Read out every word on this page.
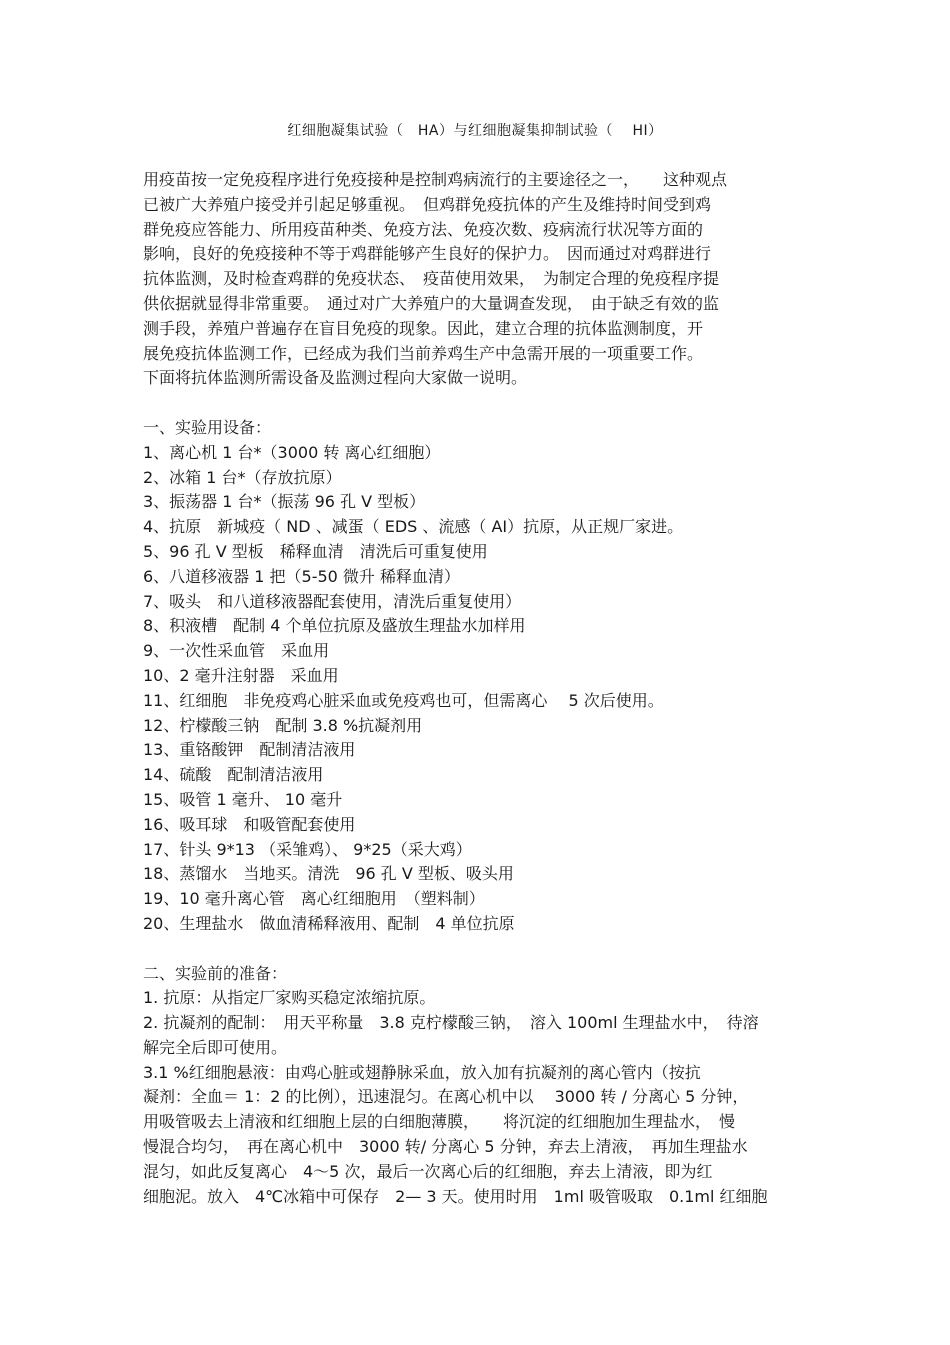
红细胞凝集试验（　HA）与红细胞凝集抑制试验（　 HI）
用疫苗按一定免疫程序进行免疫接种是控制鸡病流行的主要途径之一，　　这种观点
已被广大养殖户接受并引起足够重视。　但鸡群免疫抗体的产生及维持时间受到鸡
群免疫应答能力、所用疫苗种类、免疫方法、免疫次数、疫病流行状况等方面的
影响，良好的免疫接种不等于鸡群能够产生良好的保护力。　因而通过对鸡群进行
抗体监测，及时检查鸡群的免疫状态、　疫苗使用效果，　为制定合理的免疫程序提
供依据就显得非常重要。　通过对广大养殖户的大量调查发现，　由于缺乏有效的监
测手段，养殖户普遍存在盲目免疫的现象。因此，建立合理的抗体监测制度，开
展免疫抗体监测工作，已经成为我们当前养鸡生产中急需开展的一项重要工作。
下面将抗体监测所需设备及监测过程向大家做一说明。
一、实验用设备：
1、离心机 1 台*（3000 转 离心红细胞）
2、冰箱 1 台*（存放抗原）
3、振荡器 1 台*（振荡 96 孔 V 型板）
4、抗原　新城疫（ ND 、减蛋（ EDS 、流感（ AI）抗原，从正规厂家进。
5、96 孔 V 型板　稀释血清　清洗后可重复使用
6、八道移液器 1 把（5-50 微升 稀释血清）
7、吸头　和八道移液器配套使用，清洗后重复使用）
8、积液槽　配制 4 个单位抗原及盛放生理盐水加样用
9、一次性采血管　采血用
10、2 毫升注射器　采血用
11、红细胞　非免疫鸡心脏采血或免疫鸡也可，但需离心　 5 次后使用。
12、柠檬酸三钠　配制 3.8 %抗凝剂用
13、重铬酸钾　配制清洁液用
14、硫酸　配制清洁液用
15、吸管 1 毫升、 10 毫升
16、吸耳球　和吸管配套使用
17、针头 9*13 （采雏鸡）、 9*25（采大鸡）
18、蒸馏水　当地买。清洗　96 孔 V 型板、吸头用
19、10 毫升离心管　离心红细胞用　（塑料制）
20、生理盐水　做血清稀释液用、配制　4 单位抗原
二、实验前的准备：
1. 抗原：从指定厂家购买稳定浓缩抗原。
2. 抗凝剂的配制：　用天平称量　3.8 克柠檬酸三钠，　溶入 100ml 生理盐水中，　待溶
解完全后即可使用。
3.1 %红细胞悬液：由鸡心脏或翅静脉采血，放入加有抗凝剂的离心管内（按抗
凝剂：全血＝ 1：2 的比例），迅速混匀。在离心机中以　 3000 转 / 分离心 5 分钟，
用吸管吸去上清液和红细胞上层的白细胞薄膜，　　将沉淀的红细胞加生理盐水，　慢
慢混合均匀，　再在离心机中　3000 转/ 分离心 5 分钟，弃去上清液，　再加生理盐水
混匀，如此反复离心　4～5 次，最后一次离心后的红细胞，弃去上清液，即为红
细胞泥。放入　4℃冰箱中可保存　2— 3 天。使用时用　1ml 吸管吸取　0.1ml 红细胞
